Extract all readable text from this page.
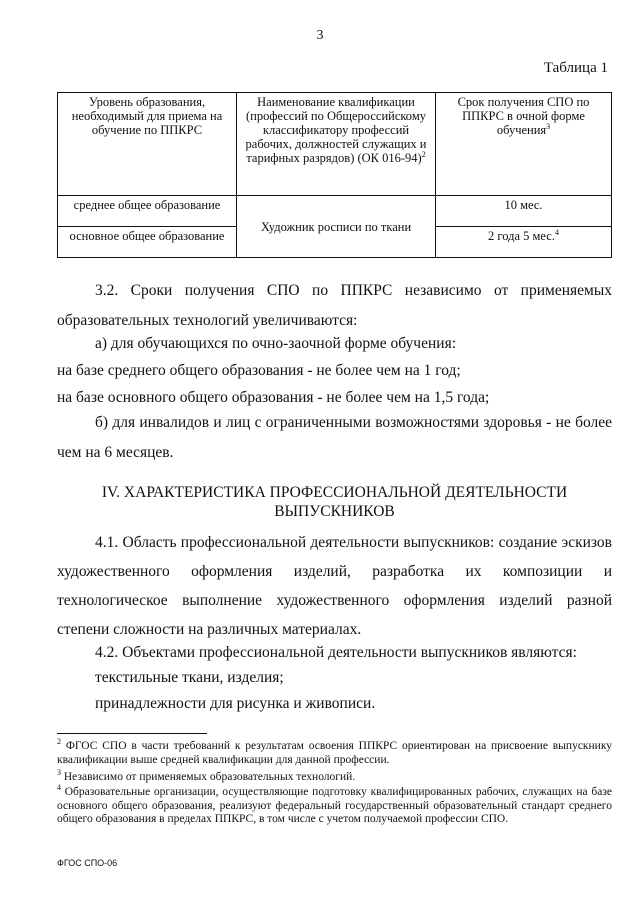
3
Таблица 1
Уровень образования, необходимый для приема на обучение по ППКРС	Наименование квалификации (профессий по Общероссийскому классификатору профессий рабочих, должностей служащих и тарифных разрядов) (ОК 016-94)$^2$	Срок получения СПО по ППКРС в очной форме обучения$^3$
среднее общее образование	Художник росписи по ткани	10 мес.
основное общее образование		2 года 5 мес.$^4$

3.2. Сроки получения СПО по ППКРС независимо от применяемых образовательных технологий увеличиваются:

а) для обучающихся по очно-заочной форме обучения:

на базе среднего общего образования - не более чем на 1 год;

на базе основного общего образования - не более чем на 1,5 года;

б) для инвалидов и лиц с ограниченными возможностями здоровья - не более чем на 6 месяцев.

IV. ХАРАКТЕРИСТИКА ПРОФЕССИОНАЛЬНОЙ ДЕЯТЕЛЬНОСТИ
ВЫПУСКНИКОВ

4.1. Область профессиональной деятельности выпускников: создание эскизов художественного оформления изделий, разработка их композиции и технологическое выполнение художественного оформления изделий разной степени сложности на различных материалах.

4.2. Объектами профессиональной деятельности выпускников являются:

текстильные ткани, изделия;

принадлежности для рисунка и живописи.

$^2$ ФГОС СПО в части требований к результатам освоения ППКРС ориентирован на присвоение выпускнику квалификации выше средней квалификации для данной профессии.

$^3$ Независимо от применяемых образовательных технологий.

$^4$ Образовательные организации, осуществляющие подготовку квалифицированных рабочих, служащих на базе основного общего образования, реализуют федеральный государственный образовательный стандарт среднего общего образования в пределах ППКРС, в том числе с учетом получаемой профессии СПО.

ФГОС СПО-06
